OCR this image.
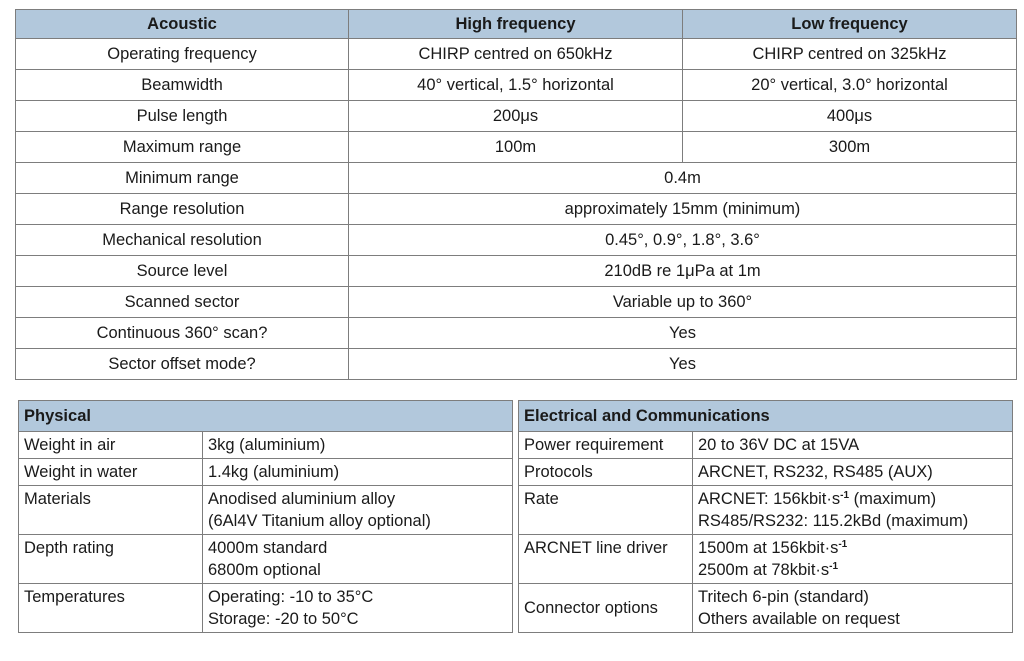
Acoustic	High frequency	Low frequency
Operating frequency	CHIRP centred on 650kHz	CHIRP centred on 325kHz
Beamwidth	40° vertical, 1.5° horizontal	20° vertical, 3.0° horizontal
Pulse length	200μs	400μs
Maximum range	100m	300m
Minimum range	0.4m	
Range resolution	approximately 15mm (minimum)	
Mechanical resolution	0.45°, 0.9°, 1.8°, 3.6°	
Source level	210dB re 1μPa at 1m	
Scanned sector	Variable up to 360°	
Continuous 360° scan?	Yes	
Sector offset mode?	Yes	
Physical	
Weight in air	3kg (aluminium)

Weight in water	1.4kg (aluminium)

Materials	Anodised aluminium alloy
(6Al4V Titanium alloy optional)

Depth rating	4000m standard
6800m optional

Temperatures	Operating: -10 to 35°C
Storage: -20 to 50°C
Electrical and Communications	
Power requirement	20 to 36V DC at 15VA

Protocols	ARCNET, RS232, RS485 (AUX)

Rate	ARCNET: $156kbit\cdot s^{-1}$ (maximum)
RS485/RS232: 115.2kBd (maximum)

ARCNET line driver	1500m at $156kbit\cdot s^{-1}$
2500m at $78kbit\cdot s^{-1}$

Connector options	Tritech 6-pin (standard)
Others available on request
